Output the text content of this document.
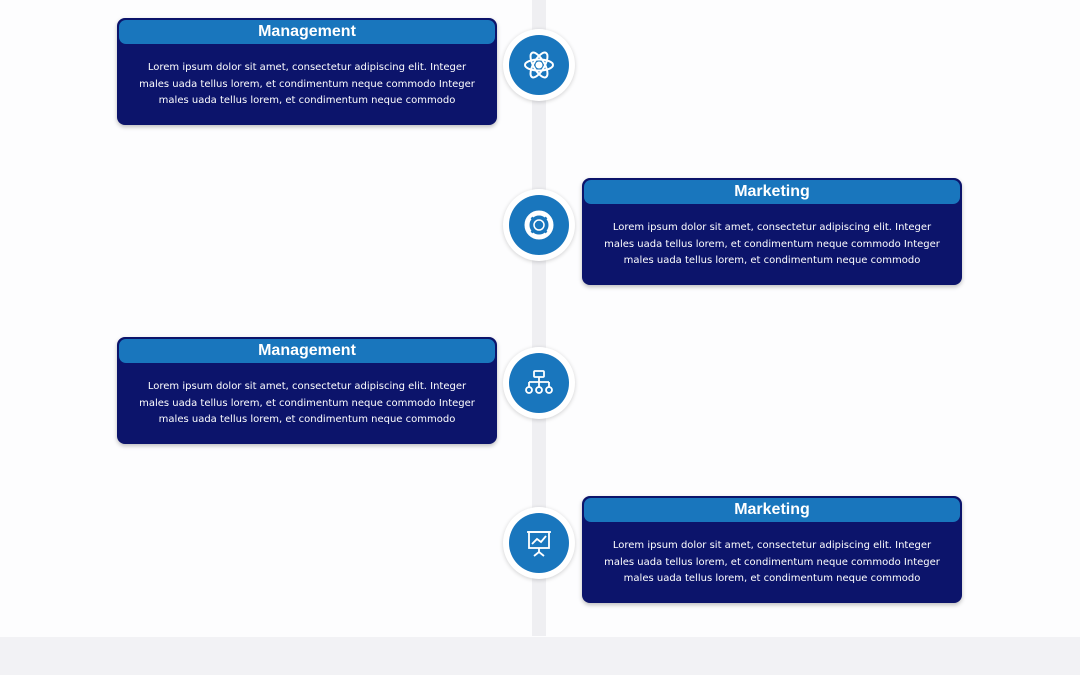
Management
Lorem ipsum dolor sit amet, consectetur adipiscing elit. Integer males uada tellus lorem, et condimentum neque commodo Integer males uada tellus lorem, et condimentum neque commodo
Marketing
Lorem ipsum dolor sit amet, consectetur adipiscing elit. Integer males uada tellus lorem, et condimentum neque commodo Integer males uada tellus lorem, et condimentum neque commodo
Management
Lorem ipsum dolor sit amet, consectetur adipiscing elit. Integer males uada tellus lorem, et condimentum neque commodo Integer males uada tellus lorem, et condimentum neque commodo
Marketing
Lorem ipsum dolor sit amet, consectetur adipiscing elit. Integer males uada tellus lorem, et condimentum neque commodo Integer males uada tellus lorem, et condimentum neque commodo
